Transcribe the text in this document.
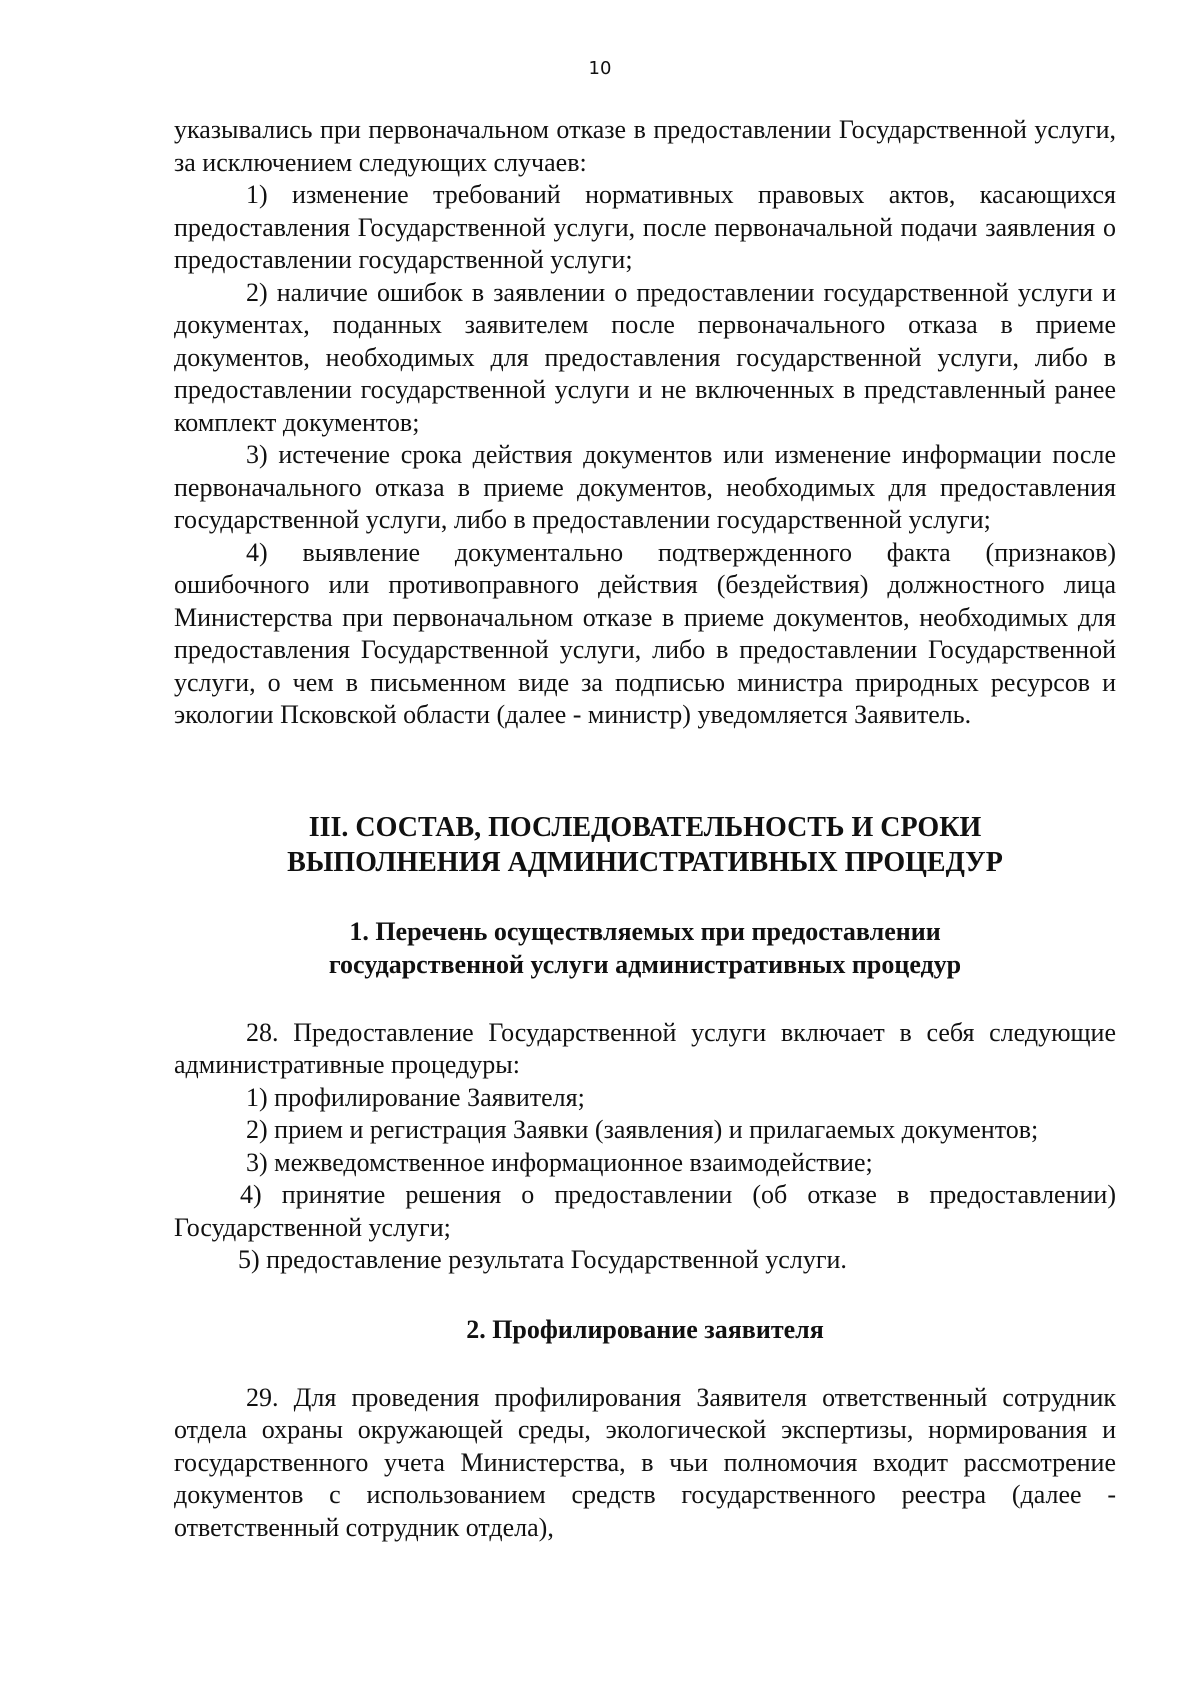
10

указывались при первоначальном отказе в предоставлении Государственной услуги, за исключением следующих случаев:

1) изменение требований нормативных правовых актов, касающихся предоставления Государственной услуги, после первоначальной подачи заявления о предоставлении государственной услуги;

2) наличие ошибок в заявлении о предоставлении государственной услуги и документах, поданных заявителем после первоначального отказа в приеме документов, необходимых для предоставления государственной услуги, либо в предоставлении государственной услуги и не включенных в представленный ранее комплект документов;

3) истечение срока действия документов или изменение информации после первоначального отказа в приеме документов, необходимых для предоставления государственной услуги, либо в предоставлении государственной услуги;

4) выявление документально подтвержденного факта (признаков) ошибочного или противоправного действия (бездействия) должностного лица Министерства при первоначальном отказе в приеме документов, необходимых для предоставления Государственной услуги, либо в предоставлении Государственной услуги, о чем в письменном виде за подписью министра природных ресурсов и экологии Псковской области (далее - министр) уведомляется Заявитель.

III. СОСТАВ, ПОСЛЕДОВАТЕЛЬНОСТЬ И СРОКИ
ВЫПОЛНЕНИЯ АДМИНИСТРАТИВНЫХ ПРОЦЕДУР
1. Перечень осуществляемых при предоставлении
государственной услуги административных процедур

28. Предоставление Государственной услуги включает в себя следующие административные процедуры:

1) профилирование Заявителя;

2) прием и регистрация Заявки (заявления) и прилагаемых документов;

3) межведомственное информационное взаимодействие;

4) принятие решения о предоставлении (об отказе в предоставлении) Государственной услуги;

5) предоставление результата Государственной услуги.

2. Профилирование заявителя

29. Для проведения профилирования Заявителя ответственный сотрудник отдела охраны окружающей среды, экологической экспертизы, нормирования и государственного учета Министерства, в чьи полномочия входит рассмотрение документов с использованием средств государственного реестра (далее - ответственный сотрудник отдела),
